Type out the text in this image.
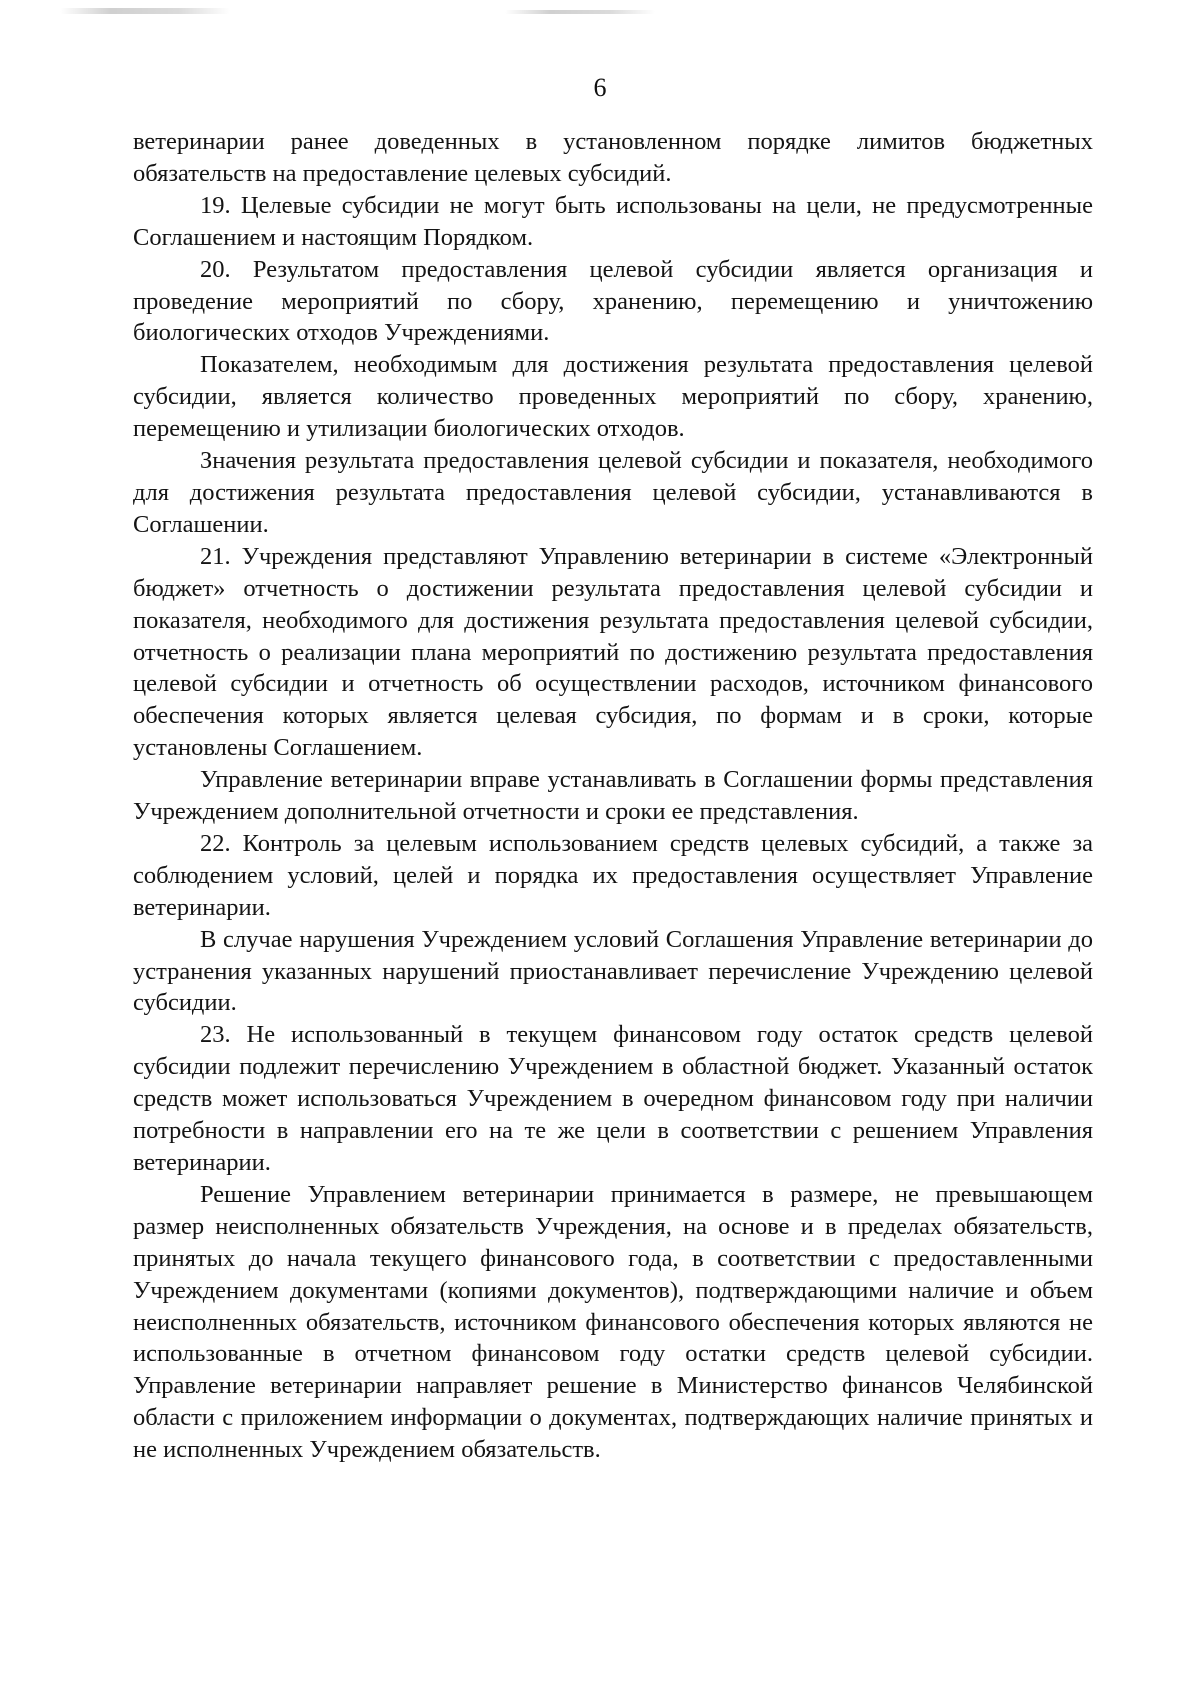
6

ветеринарии ранее доведенных в установленном порядке лимитов бюджетных обязательств на предоставление целевых субсидий.

19. Целевые субсидии не могут быть использованы на цели, не предусмотренные Соглашением и настоящим Порядком.

20. Результатом предоставления целевой субсидии является организация и проведение мероприятий по сбору, хранению, перемещению и уничтожению биологических отходов Учреждениями.

Показателем, необходимым для достижения результата предоставления целевой субсидии, является количество проведенных мероприятий по сбору, хранению, перемещению и утилизации биологических отходов.

Значения результата предоставления целевой субсидии и показателя, необходимого для достижения результата предоставления целевой субсидии, устанавливаются в Соглашении.

21. Учреждения представляют Управлению ветеринарии в системе «Электронный бюджет» отчетность о достижении результата предоставления целевой субсидии и показателя, необходимого для достижения результата предоставления целевой субсидии, отчетность о реализации плана мероприятий по достижению результата предоставления целевой субсидии и отчетность об осуществлении расходов, источником финансового обеспечения которых является целевая субсидия, по формам и в сроки, которые установлены Соглашением.

Управление ветеринарии вправе устанавливать в Соглашении формы представления Учреждением дополнительной отчетности и сроки ее представления.

22. Контроль за целевым использованием средств целевых субсидий, а также за соблюдением условий, целей и порядка их предоставления осуществляет Управление ветеринарии.

В случае нарушения Учреждением условий Соглашения Управление ветеринарии до устранения указанных нарушений приостанавливает перечисление Учреждению целевой субсидии.

23. Не использованный в текущем финансовом году остаток средств целевой субсидии подлежит перечислению Учреждением в областной бюджет. Указанный остаток средств может использоваться Учреждением в очередном финансовом году при наличии потребности в направлении его на те же цели в соответствии с решением Управления ветеринарии.

Решение Управлением ветеринарии принимается в размере, не превышающем размер неисполненных обязательств Учреждения, на основе и в пределах обязательств, принятых до начала текущего финансового года, в соответствии с предоставленными Учреждением документами (копиями документов), подтверждающими наличие и объем неисполненных обязательств, источником финансового обеспечения которых являются не использованные в отчетном финансовом году остатки средств целевой субсидии. Управление ветеринарии направляет решение в Министерство финансов Челябинской области с приложением информации о документах, подтверждающих наличие принятых и не исполненных Учреждением обязательств.
